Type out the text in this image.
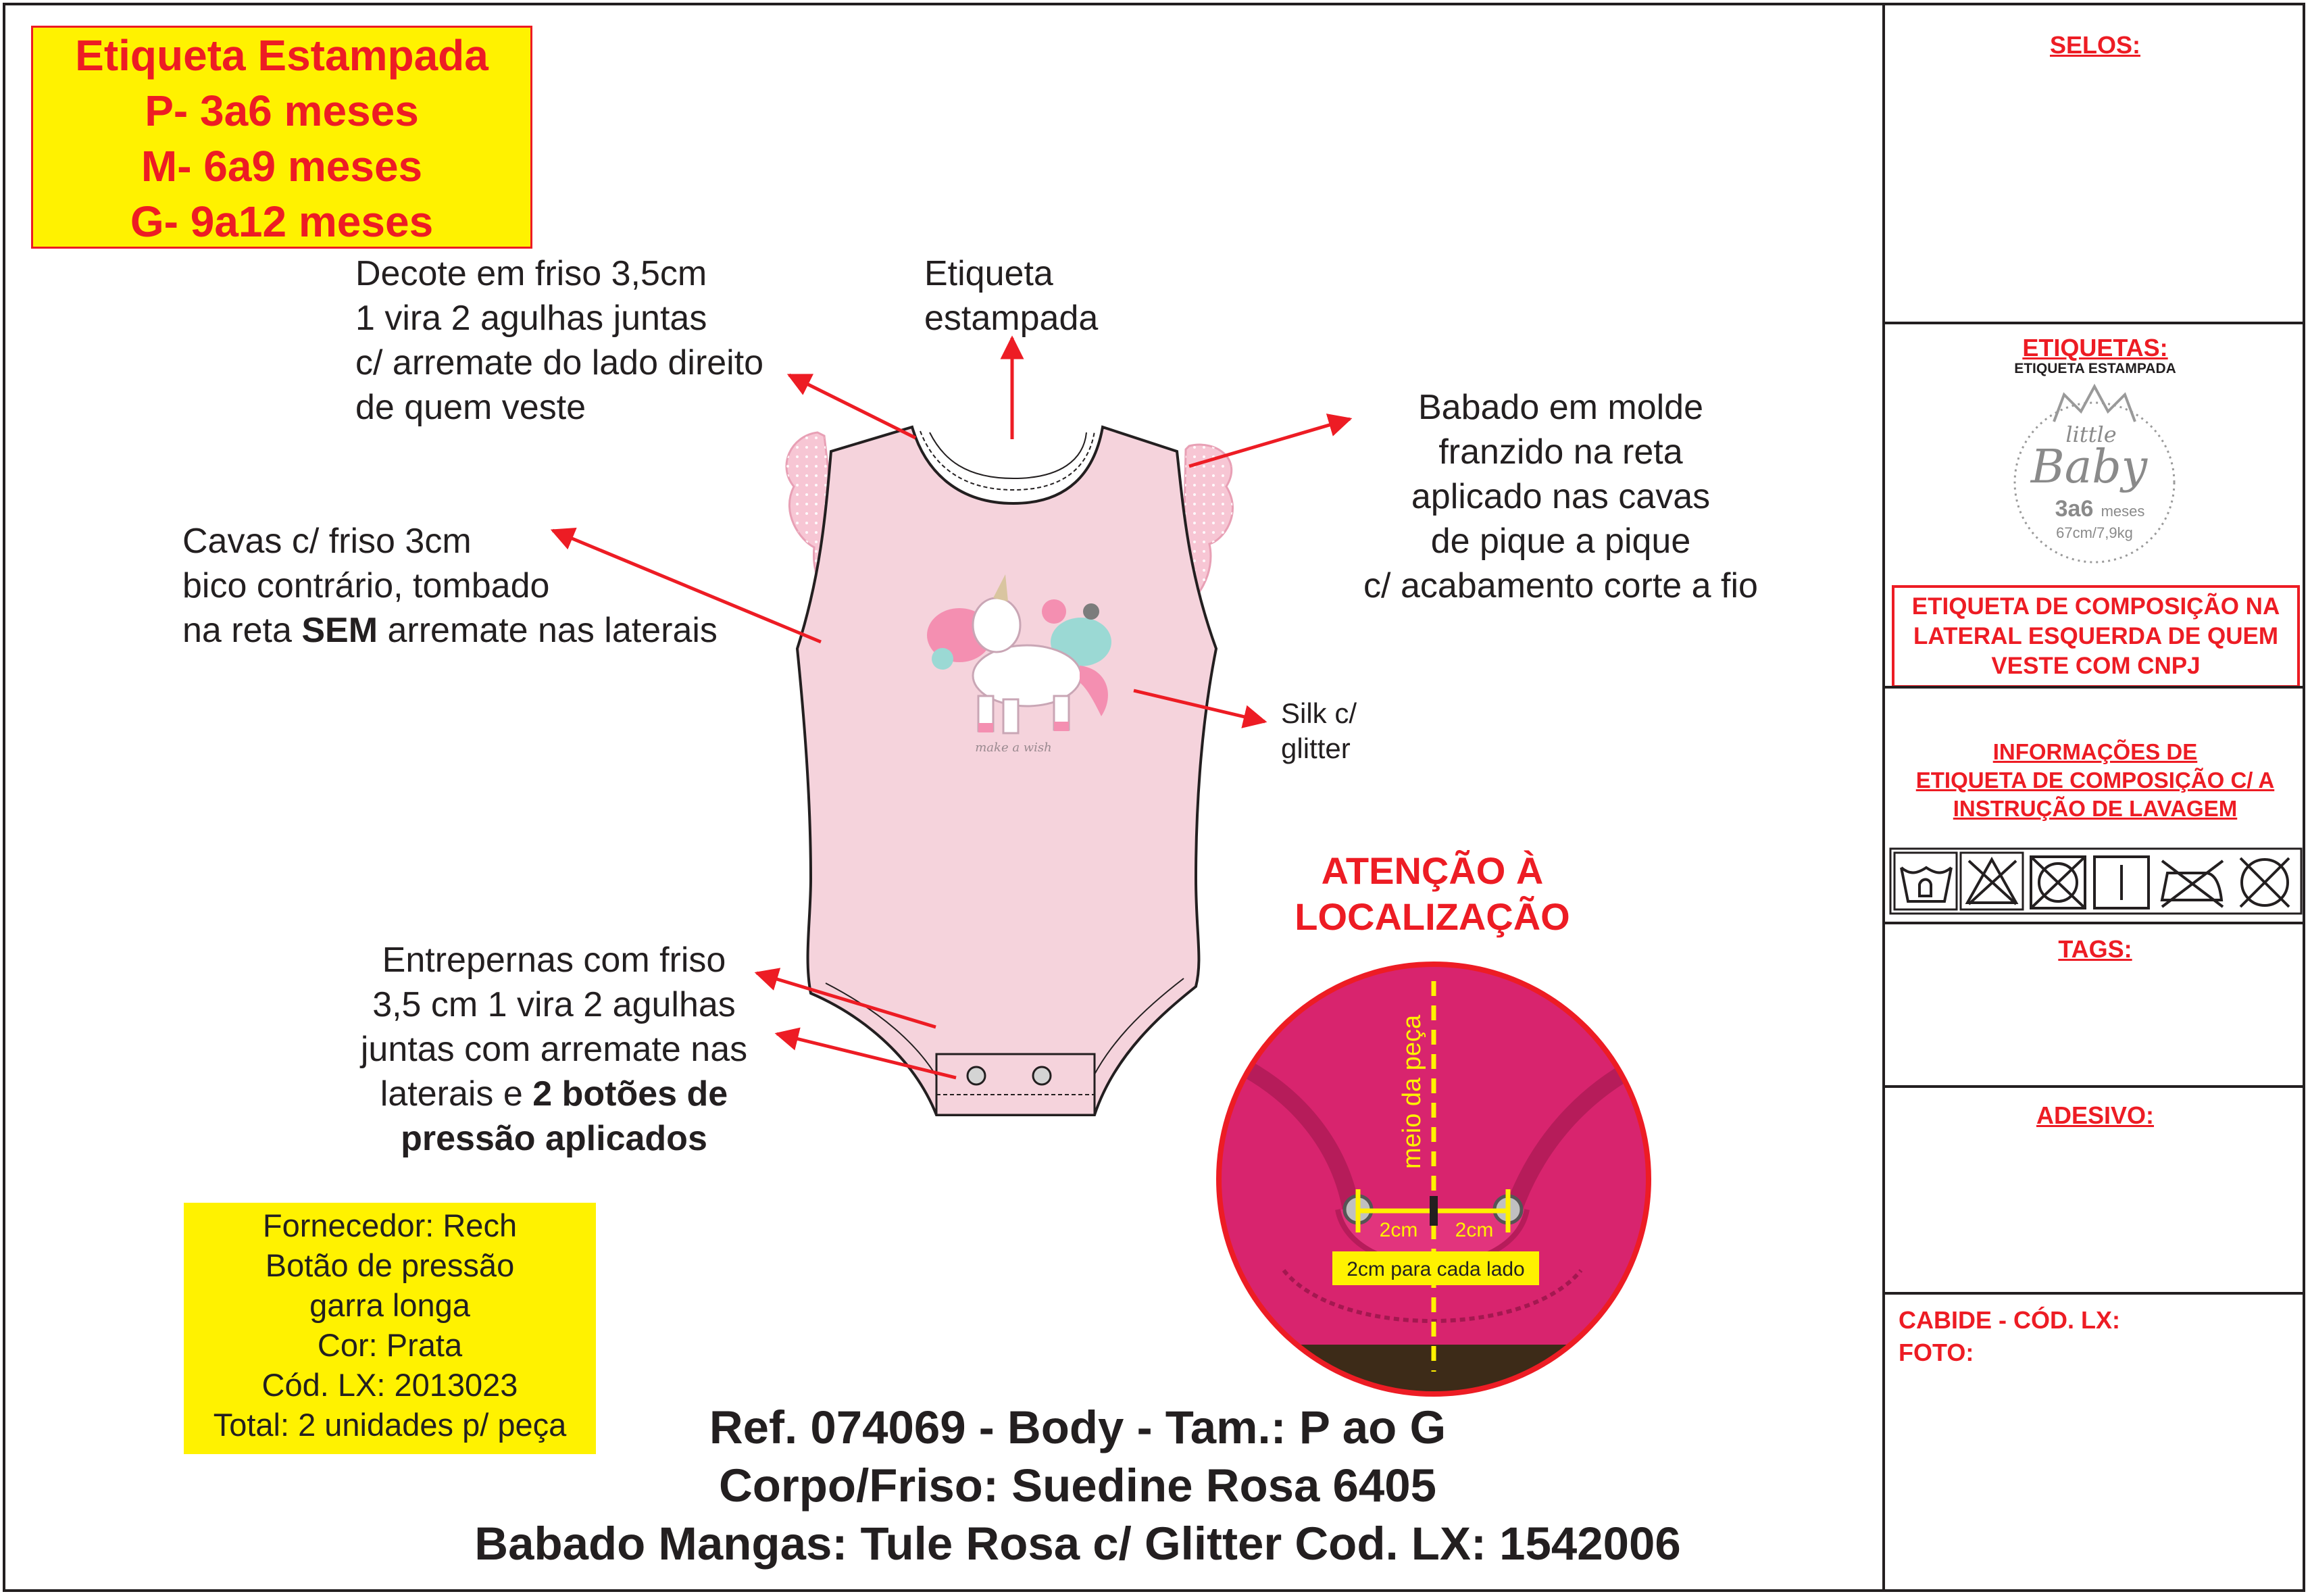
Etiqueta Estampada
P- 3a6 meses
M- 6a9 meses
G- 9a12 meses
Decote em friso 3,5cm
1 vira 2 agulhas juntas
c/ arremate do lado direito
de quem veste
Etiqueta
estampada
Babado em molde
franzido na reta
aplicado nas cavas
de pique a pique
c/ acabamento corte a fio
Cavas c/ friso 3cm
bico contrário, tombado
na reta SEM arremate nas laterais
Silk c/
glitter
Entrepernas com friso
3,5 cm 1 vira 2 agulhas
juntas com arremate nas
laterais e 2 botões de
pressão aplicados
make a wish
meio da peça
2cm 2cm
2cm para cada lado
ATENÇÃO À
LOCALIZAÇÃO
Fornecedor: Rech
Botão de pressão
garra longa
Cor: Prata
Cód. LX: 2013023
Total: 2 unidades p/ peça	Ref. 074069 - Body - Tam.: P ao G
Corpo/Friso: Suedine Rosa 6405
Babado Mangas: Tule Rosa c/ Glitter Cod. LX: 1542006
SELOS:
ETIQUETAS:
ETIQUETA ESTAMPADA
little
Baby
3a6 meses
67cm/7,9kg
ETIQUETA DE COMPOSIÇÃO NA LATERAL ESQUERDA DE QUEM VESTE COM CNPJ
INFORMAÇÕES DE
ETIQUETA DE COMPOSIÇÃO C/ A
INSTRUÇÃO DE LAVAGEM
TAGS:
ADESIVO:
CABIDE - CÓD. LX:
FOTO:
